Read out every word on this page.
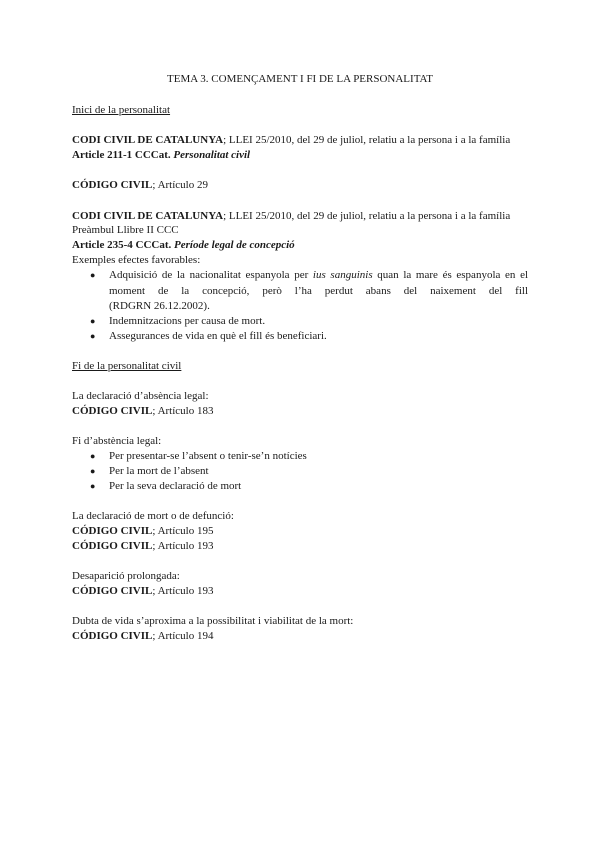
TEMA 3. COMENÇAMENT I FI DE LA PERSONALITAT
Inici de la personalitat
CODI CIVIL DE CATALUNYA; LLEI 25/2010, del 29 de juliol, relatiu a la persona i a la família
Article 211-1 CCCat. Personalitat civil
CÓDIGO CIVIL; Artículo 29
CODI CIVIL DE CATALUNYA; LLEI 25/2010, del 29 de juliol, relatiu a la persona i a la família
Preàmbul Llibre II CCC
Article 235-4 CCCat. Període legal de concepció
Exemples efectes favorables:
● Adquisició de la nacionalitat espanyola per ius sanguinis quan la mare és espanyola en el
moment de la concepció, però l’ha perdut abans del naixement del fill
(RDGRN 26.12.2002).
● Indemnitzacions per causa de mort.
● Assegurances de vida en què el fill és beneficiari.
Fi de la personalitat civil
La declaració d’absència legal:
CÓDIGO CIVIL; Artículo 183
Fi d’abstència legal:
● Per presentar-se l’absent o tenir-se’n notícies
● Per la mort de l’absent
● Per la seva declaració de mort
La declaració de mort o de defunció:
CÓDIGO CIVIL; Artículo 195
CÓDIGO CIVIL; Artículo 193
Desaparició prolongada:
CÓDIGO CIVIL; Artículo 193
Dubta de vida s’aproxima a la possibilitat i viabilitat de la mort:
CÓDIGO CIVIL; Artículo 194
